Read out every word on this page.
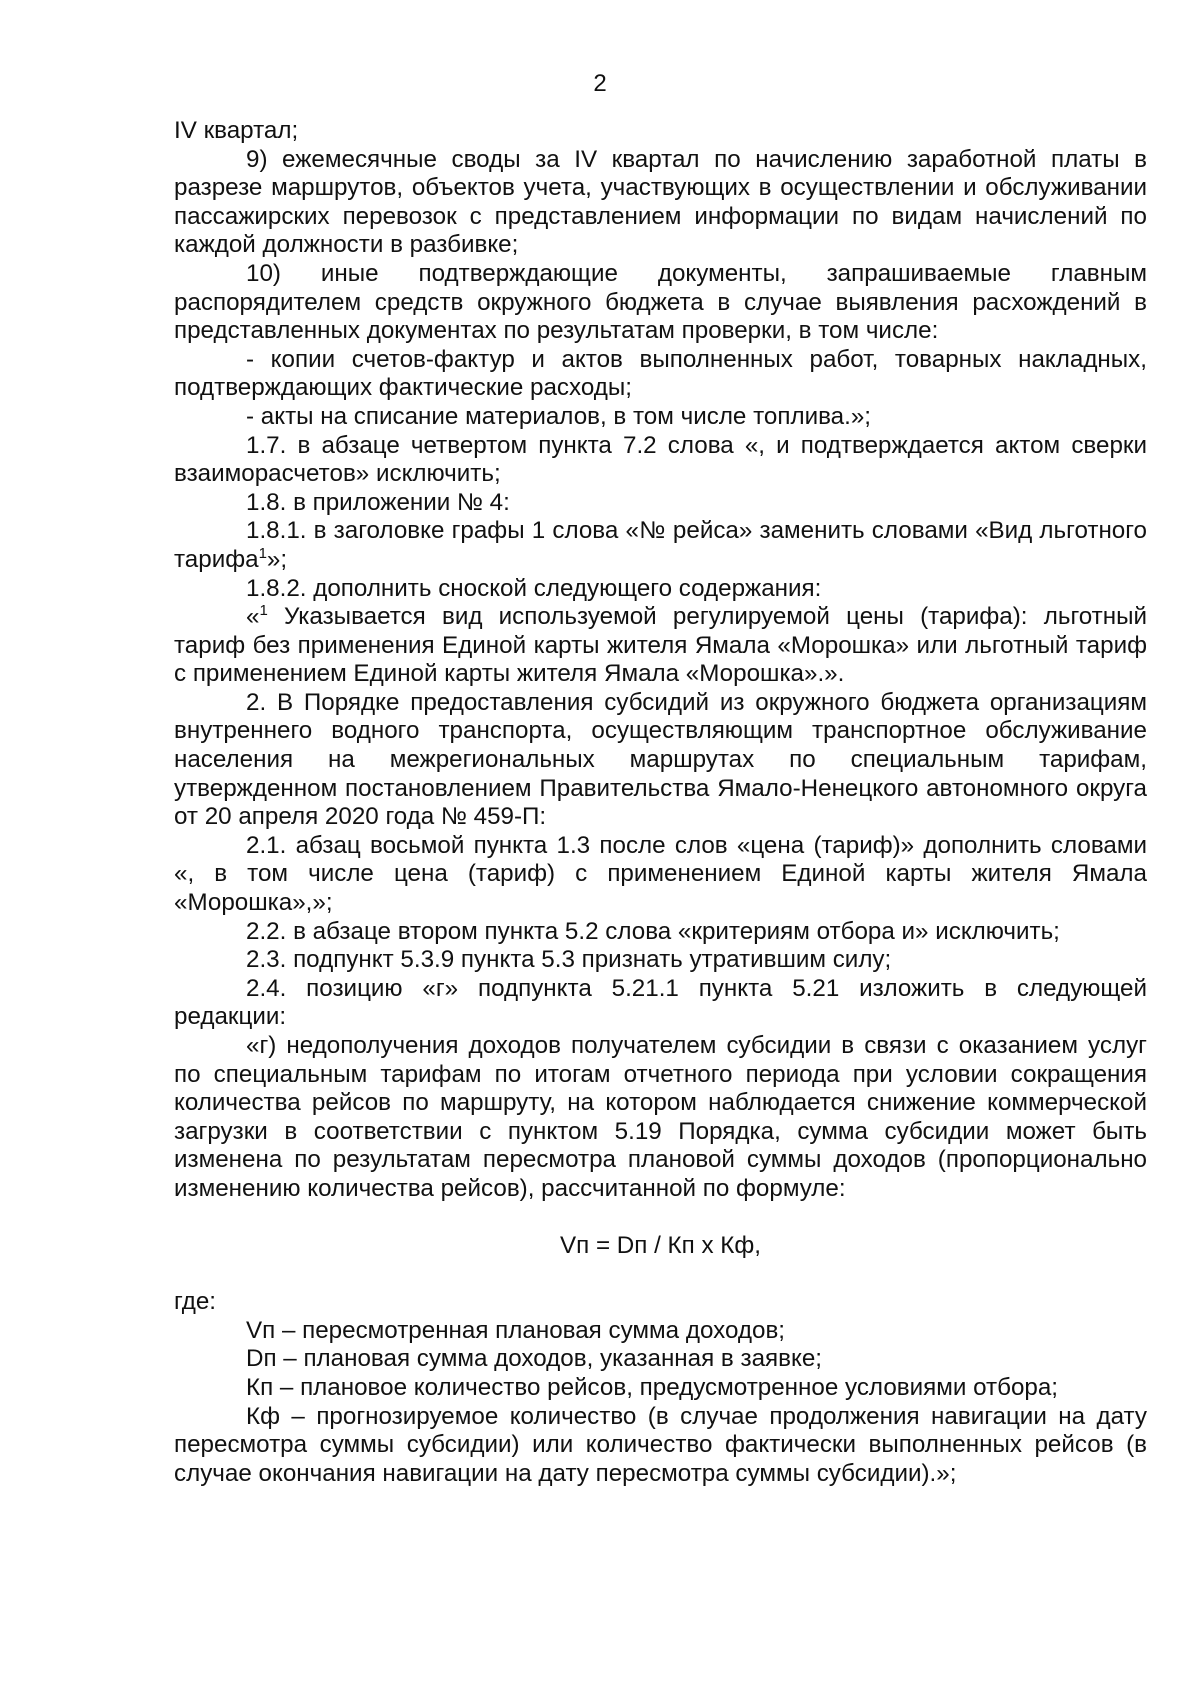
2

IV квартал;

9) ежемесячные своды за IV квартал по начислению заработной платы в разрезе маршрутов, объектов учета, участвующих в осуществлении и обслуживании пассажирских перевозок с представлением информации по видам начислений по каждой должности в разбивке;

10) иные подтверждающие документы, запрашиваемые главным распорядителем средств окружного бюджета в случае выявления расхождений в представленных документах по результатам проверки, в том числе:

- копии счетов-фактур и актов выполненных работ, товарных накладных, подтверждающих фактические расходы;

- акты на списание материалов, в том числе топлива.»;

1.7. в абзаце четвертом пункта 7.2 слова «, и подтверждается актом сверки взаиморасчетов» исключить;

1.8. в приложении № 4:

1.8.1. в заголовке графы 1 слова «№ рейса» заменить словами «Вид льготного тарифа$^1$»;

1.8.2. дополнить сноской следующего содержания:

«$^1$ Указывается вид используемой регулируемой цены (тарифа): льготный тариф без применения Единой карты жителя Ямала «Морошка» или льготный тариф с применением Единой карты жителя Ямала «Морошка».».

2. В Порядке предоставления субсидий из окружного бюджета организациям внутреннего водного транспорта, осуществляющим транспортное обслуживание населения на межрегиональных маршрутах по специальным тарифам, утвержденном постановлением Правительства Ямало-Ненецкого автономного округа от 20 апреля 2020 года № 459-П:

2.1. абзац восьмой пункта 1.3 после слов «цена (тариф)» дополнить словами «, в том числе цена (тариф) с применением Единой карты жителя Ямала «Морошка»,»;

2.2. в абзаце втором пункта 5.2 слова «критериям отбора и» исключить;

2.3. подпункт 5.3.9 пункта 5.3 признать утратившим силу;

2.4. позицию «г» подпункта 5.21.1 пункта 5.21 изложить в следующей редакции:

«г) недополучения доходов получателем субсидии в связи с оказанием услуг по специальным тарифам по итогам отчетного периода при условии сокращения количества рейсов по маршруту, на котором наблюдается снижение коммерческой загрузки в соответствии с пунктом 5.19 Порядка, сумма субсидии может быть изменена по результатам пересмотра плановой суммы доходов (пропорционально изменению количества рейсов), рассчитанной по формуле:

Vп = Dп / Кп х Кф,

где:

Vп – пересмотренная плановая сумма доходов;

Dп – плановая сумма доходов, указанная в заявке;

Кп – плановое количество рейсов, предусмотренное условиями отбора;

Кф – прогнозируемое количество (в случае продолжения навигации на дату пересмотра суммы субсидии) или количество фактически выполненных рейсов (в случае окончания навигации на дату пересмотра суммы субсидии).»;
